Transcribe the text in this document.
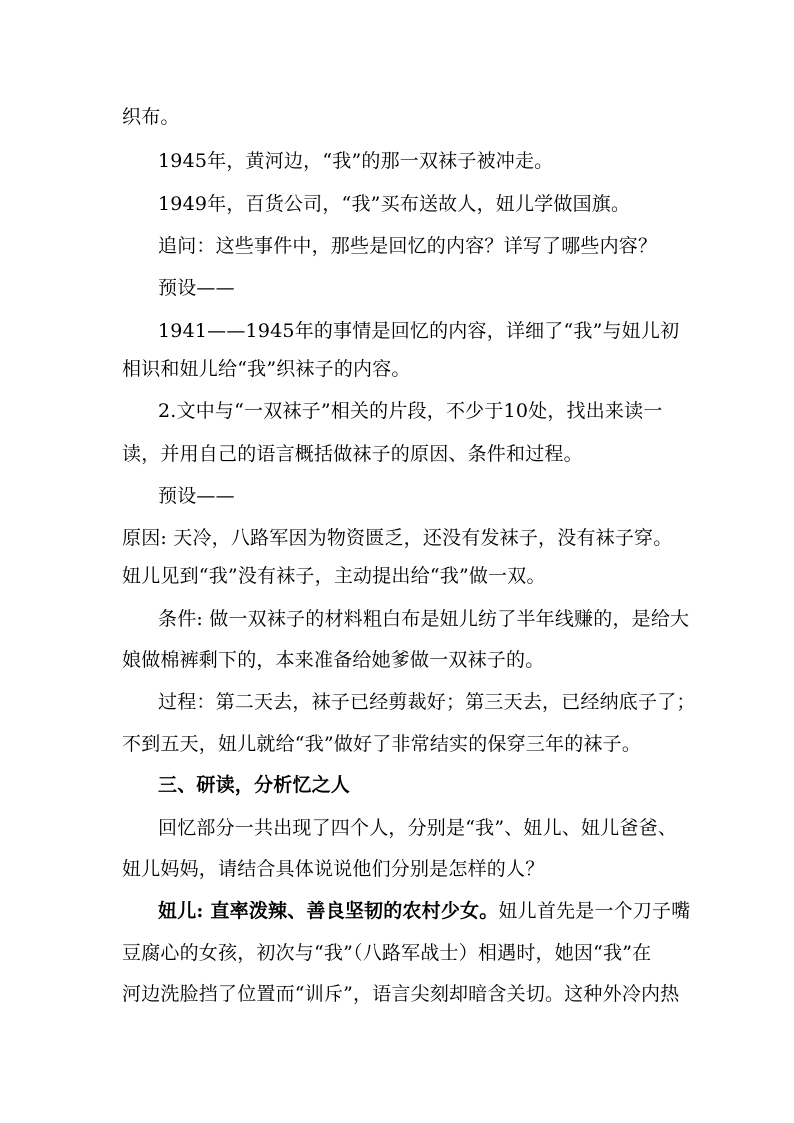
织布。
1945年，黄河边，“我”的那一双袜子被冲走。
1949年，百货公司，“我”买布送故人，妞儿学做国旗。
追问：这些事件中，那些是回忆的内容？详写了哪些内容？
预设——
1941——1945年的事情是回忆的内容，详细了“我”与妞儿初
相识和妞儿给“我”织袜子的内容。
2.文中与“一双袜子”相关的片段，不少于10处，找出来读一
读，并用自己的语言概括做袜子的原因、条件和过程。
预设——
原因: 天冷，八路军因为物资匮乏，还没有发袜子，没有袜子穿。
妞儿见到“我”没有袜子，主动提出给“我”做一双。
条件: 做一双袜子的材料粗白布是妞儿纺了半年线赚的，是给大
娘做棉裤剩下的，本来准备给她爹做一双袜子的。
过程：第二天去，袜子已经剪裁好；第三天去，已经纳底子了；
不到五天，妞儿就给“我”做好了非常结实的保穿三年的袜子。
三、研读，分析忆之人
回忆部分一共出现了四个人，分别是“我”、妞儿、妞儿爸爸、
妞儿妈妈，请结合具体说说他们分别是怎样的人？
妞儿: 直率泼辣、善良坚韧的农村少女。妞儿首先是一个刀子嘴
豆腐心的女孩，初次与“我”（八路军战士）相遇时，她因“我”在
河边洗脸挡了位置而“训斥”，语言尖刻却暗含关切。这种外冷内热
